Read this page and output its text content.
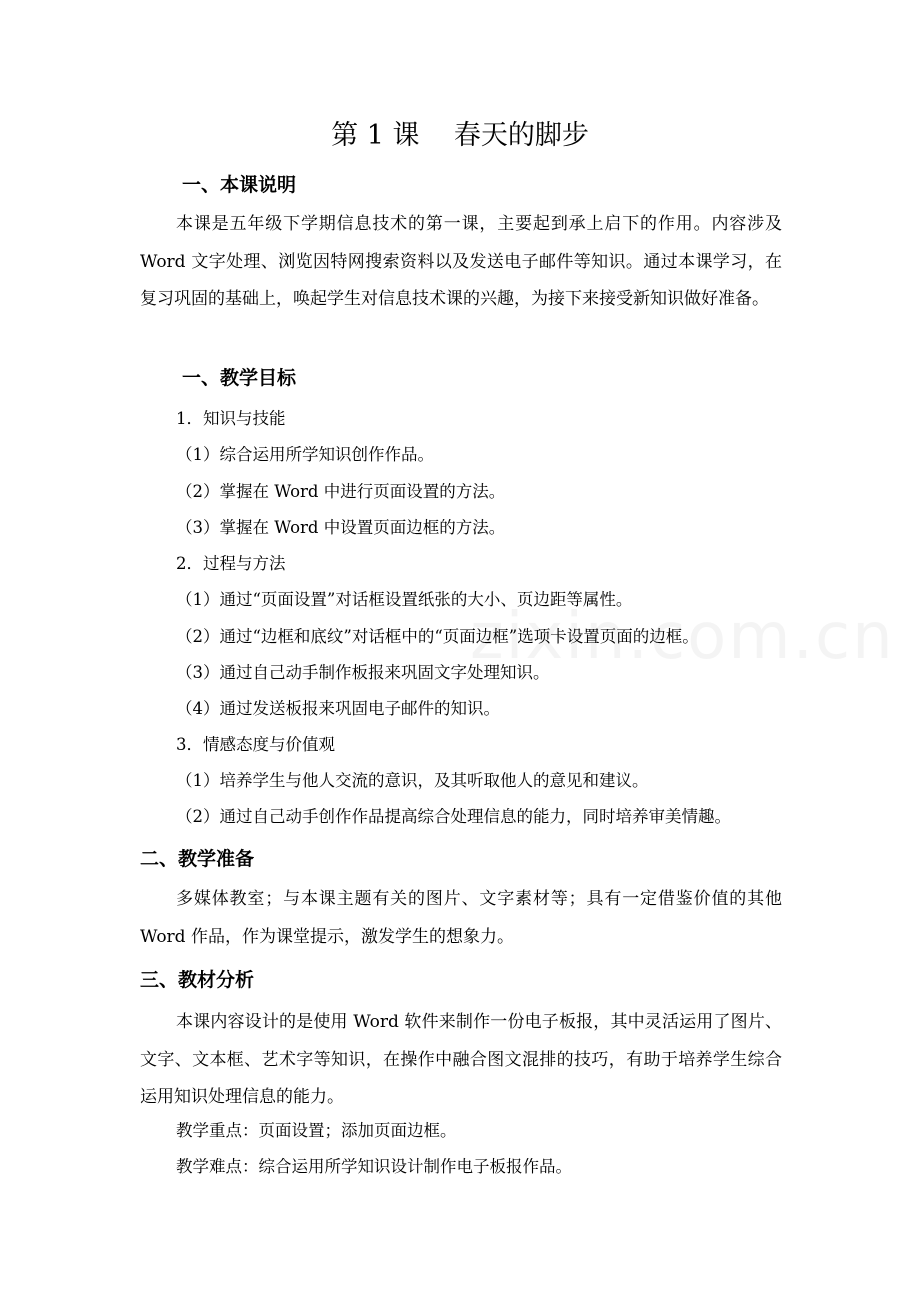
第 1 课    春天的脚步
一、本课说明
本课是五年级下学期信息技术的第一课，主要起到承上启下的作用。内容涉及 Word 文字处理、浏览因特网搜索资料以及发送电子邮件等知识。通过本课学习，在复习巩固的基础上，唤起学生对信息技术课的兴趣，为接下来接受新知识做好准备。
一、教学目标
1．知识与技能
（1）综合运用所学知识创作作品。
（2）掌握在 Word 中进行页面设置的方法。
（3）掌握在 Word 中设置页面边框的方法。
2．过程与方法
（1）通过“页面设置”对话框设置纸张的大小、页边距等属性。
（2）通过“边框和底纹”对话框中的“页面边框”选项卡设置页面的边框。
（3）通过自己动手制作板报来巩固文字处理知识。
（4）通过发送板报来巩固电子邮件的知识。
3．情感态度与价值观
（1）培养学生与他人交流的意识，及其听取他人的意见和建议。
（2）通过自己动手创作作品提高综合处理信息的能力，同时培养审美情趣。
二、教学准备
多媒体教室；与本课主题有关的图片、文字素材等；具有一定借鉴价值的其他 Word 作品，作为课堂提示，激发学生的想象力。
三、教材分析
本课内容设计的是使用 Word 软件来制作一份电子板报，其中灵活运用了图片、文字、文本框、艺术字等知识，在操作中融合图文混排的技巧，有助于培养学生综合运用知识处理信息的能力。
教学重点：页面设置；添加页面边框。
教学难点：综合运用所学知识设计制作电子板报作品。
